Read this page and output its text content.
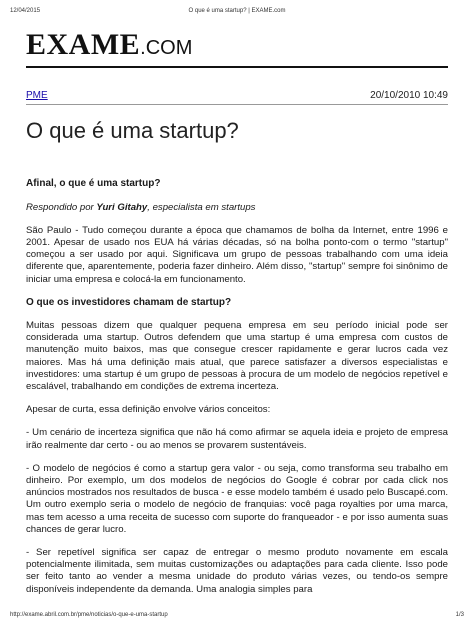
12/04/2015	O que é uma startup? | EXAME.com
EXAME.COM
PME	20/10/2010 10:49
O que é uma startup?

Afinal, o que é uma startup?

Respondido por Yuri Gitahy, especialista em startups

São Paulo - Tudo começou durante a época que chamamos de bolha da Internet, entre 1996 e 2001. Apesar de usado nos EUA há várias décadas, só na bolha ponto-com o termo "startup" começou a ser usado por aqui. Significava um grupo de pessoas trabalhando com uma ideia diferente que, aparentemente, poderia fazer dinheiro. Além disso, "startup" sempre foi sinônimo de iniciar uma empresa e colocá-la em funcionamento.

O que os investidores chamam de startup?

Muitas pessoas dizem que qualquer pequena empresa em seu período inicial pode ser considerada uma startup. Outros defendem que uma startup é uma empresa com custos de manutenção muito baixos, mas que consegue crescer rapidamente e gerar lucros cada vez maiores. Mas há uma definição mais atual, que parece satisfazer a diversos especialistas e investidores: uma startup é um grupo de pessoas à procura de um modelo de negócios repetível e escalável, trabalhando em condições de extrema incerteza.

Apesar de curta, essa definição envolve vários conceitos:

- Um cenário de incerteza significa que não há como afirmar se aquela ideia e projeto de empresa irão realmente dar certo - ou ao menos se provarem sustentáveis.

- O modelo de negócios é como a startup gera valor - ou seja, como transforma seu trabalho em dinheiro. Por exemplo, um dos modelos de negócios do Google é cobrar por cada click nos anúncios mostrados nos resultados de busca - e esse modelo também é usado pelo Buscapé.com. Um outro exemplo seria o modelo de negócio de franquias: você paga royalties por uma marca, mas tem acesso a uma receita de sucesso com suporte do franqueador - e por isso aumenta suas chances de gerar lucro.

- Ser repetível significa ser capaz de entregar o mesmo produto novamente em escala potencialmente ilimitada, sem muitas customizações ou adaptações para cada cliente. Isso pode ser feito tanto ao vender a mesma unidade do produto várias vezes, ou tendo-os sempre disponíveis independente da demanda. Uma analogia simples para

http://exame.abril.com.br/pme/noticias/o-que-e-uma-startup	1/3
